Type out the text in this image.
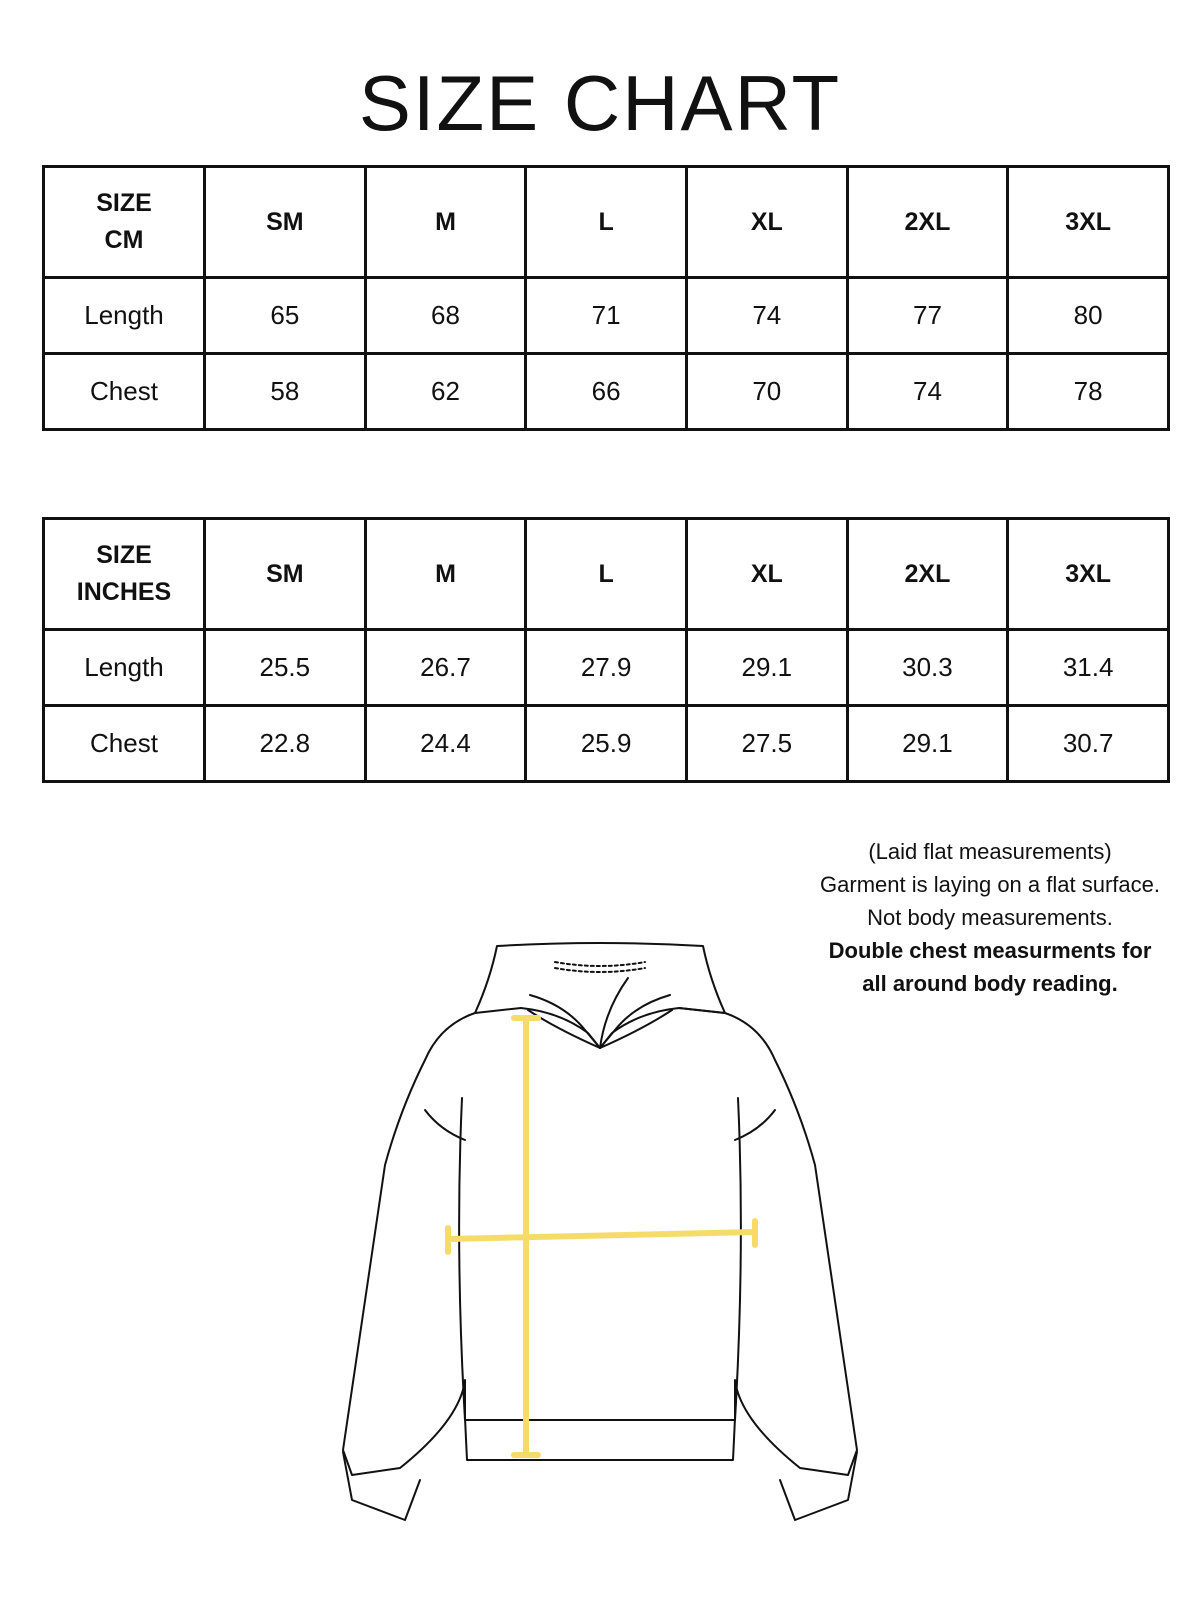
SIZE CHART
SIZE
CM	SM	M	L	XL	2XL	3XL
Length	65	68	71	74	77	80
Chest	58	62	66	70	74	78
SIZE
INCHES	SM	M	L	XL	2XL	3XL
Length	25.5	26.7	27.9	29.1	30.3	31.4
Chest	22.8	24.4	25.9	27.5	29.1	30.7

(Laid flat measurements)

Garment is laying on a flat surface.

Not body measurements.

Double chest measurments for all around body reading.
